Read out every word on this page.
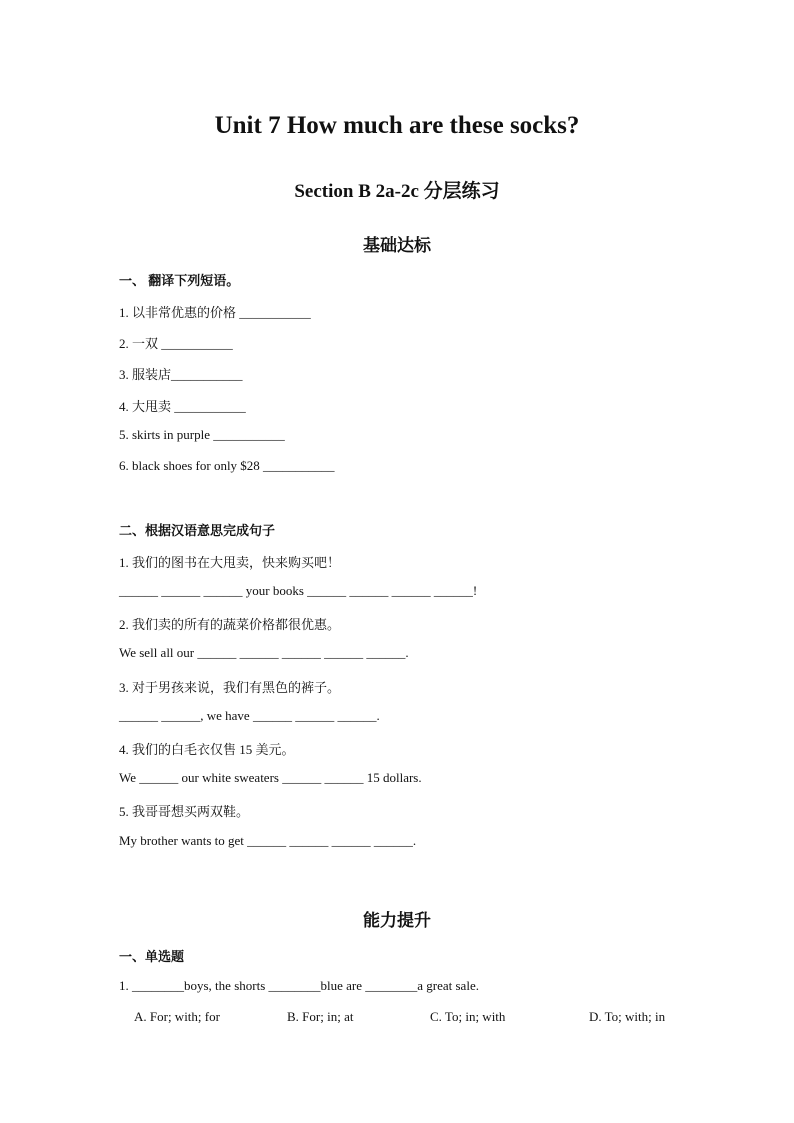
Unit 7 How much are these socks?
Section B 2a-2c 分层练习
基础达标
一、 翻译下列短语。
1. 以非常优惠的价格 ___________
2. 一双 ___________
3. 服装店___________
4. 大甩卖 ___________
5. skirts in purple ___________
6. black shoes for only $28 ___________
二、根据汉语意思完成句子
1. 我们的图书在大甩卖，快来购买吧！
______ ______ ______ your books ______ ______ ______ ______!
2. 我们卖的所有的蔬菜价格都很优惠。
We sell all our ______ ______ ______ ______ ______.
3. 对于男孩来说，我们有黑色的裤子。
______ ______, we have ______ ______ ______.
4. 我们的白毛衣仅售 15 美元。
We ______ our white sweaters ______ ______ 15 dollars.
5. 我哥哥想买两双鞋。
My brother wants to get ______ ______ ______ ______.
能力提升
一、单选题
1. ________boys, the shorts ________blue are ________a great sale.
A. For; with; for	B. For; in; at	C. To; in; with	D. To; with; in
